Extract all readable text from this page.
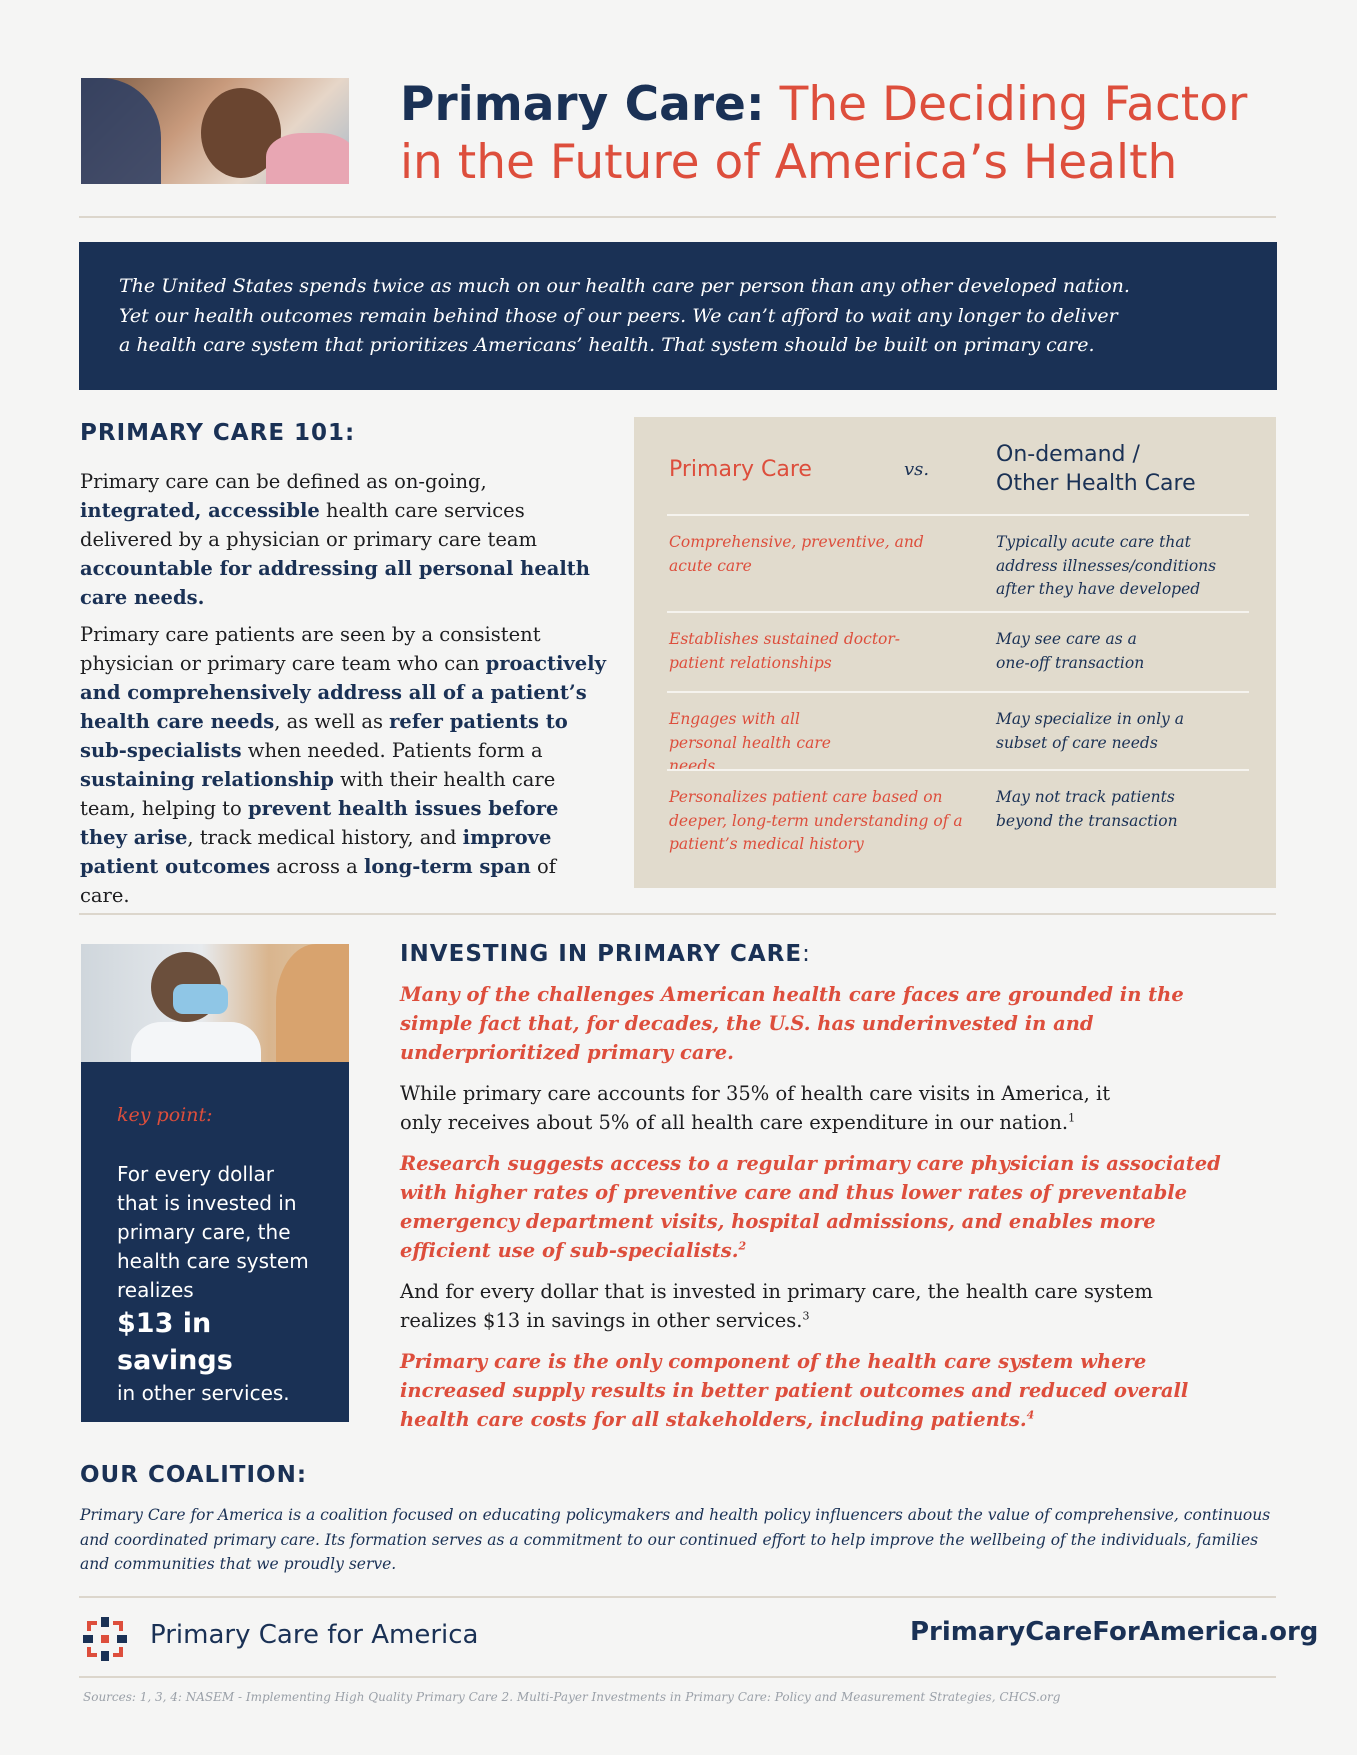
Primary Care: The Deciding Factor
in the Future of America’s Health
The United States spends twice as much on our health care per person than any other developed nation.
Yet our health outcomes remain behind those of our peers. We can’t afford to wait any longer to deliver
a health care system that prioritizes Americans’ health. That system should be built on primary care.
PRIMARY CARE 101:

Primary care can be defined as on-going, integrated, accessible health care services delivered by a physician or primary care team accountable for addressing all personal health care needs.

Primary care patients are seen by a consistent physician or primary care team who can proactively and comprehensively address all of a patient’s health care needs, as well as refer patients to sub-specialists when needed. Patients form a sustaining relationship with their health care team, helping to prevent health issues before they arise, track medical history, and improve patient outcomes across a long-term span of care.

Primary Care	vs.
On-demand /
Other Health Care
Comprehensive, preventive, and acute care
Typically acute care that address illnesses/conditions after they have developed
Establishes sustained doctor-patient relationships
May see care as a one-off transaction
Engages with all personal health care needs
May specialize in only a subset of care needs
Personalizes patient care based on deeper, long-term understanding of a patient’s medical history
May not track patients beyond the transaction
key point:
For every dollar that is invested in primary care, the health care system realizes
$13 in savings
in other services.
INVESTING IN PRIMARY CARE:

Many of the challenges American health care faces are grounded in the simple fact that, for decades, the U.S. has underinvested in and underprioritized primary care.

While primary care accounts for 35% of health care visits in America, it only receives about 5% of all health care expenditure in our nation.$^1$

Research suggests access to a regular primary care physician is associated with higher rates of preventive care and thus lower rates of preventable emergency department visits, hospital admissions, and enables more efficient use of sub-specialists.$^2$

And for every dollar that is invested in primary care, the health care system realizes $13 in savings in other services.$^3$

Primary care is the only component of the health care system where increased supply results in better patient outcomes and reduced overall health care costs for all stakeholders, including patients.$^4$

OUR COALITION:
Primary Care for America is a coalition focused on educating policymakers and health policy influencers about the value of comprehensive, continuous and coordinated primary care. Its formation serves as a commitment to our continued effort to help improve the wellbeing of the individuals, families and communities that we proudly serve.
Primary Care for America	PrimaryCareForAmerica.org
Sources: 1, 3, 4: NASEM - Implementing High Quality Primary Care 2. Multi-Payer Investments in Primary Care: Policy and Measurement Strategies, CHCS.org
